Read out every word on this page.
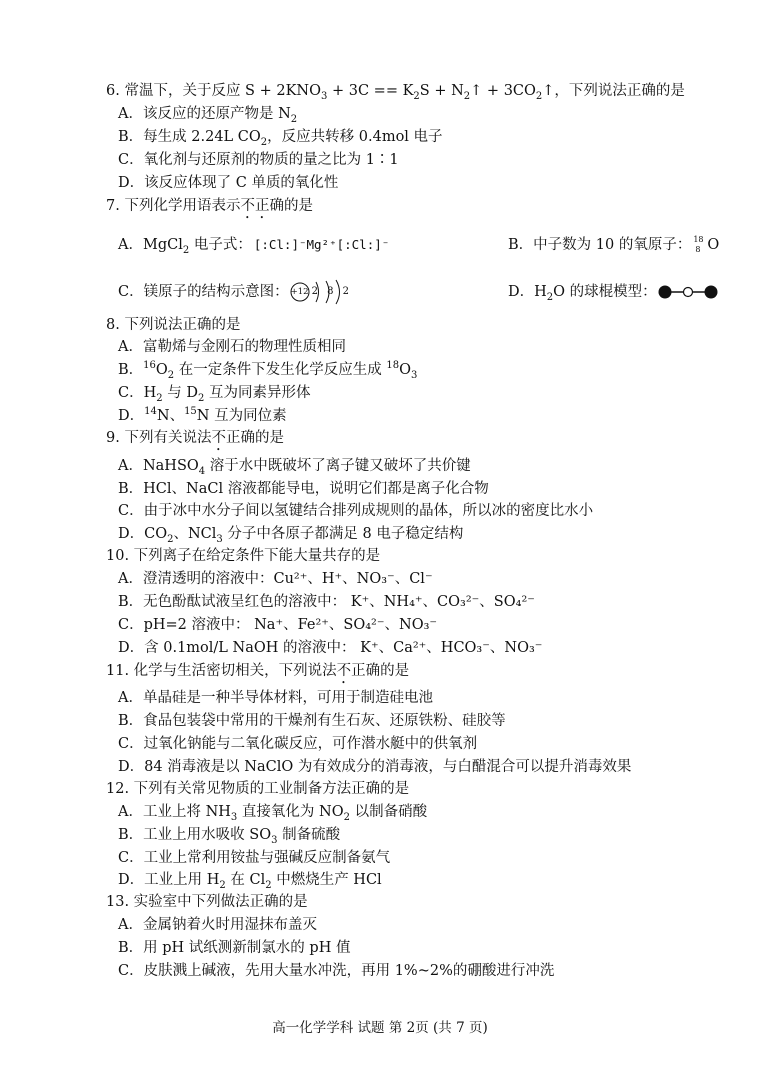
6. 常温下，关于反应 $S + 2KNO_3 + 3C == K_2S$ + $N_2↑$ + $3CO_2↑$，下列说法正确的是
A．该反应的还原产物是 $N_2$
B．每生成 2.24L $CO_2$，反应共转移 0.4mol 电子
C．氧化剂与还原剂的物质的量之比为 1∶1
D．该反应体现了 C 单质的氧化性
7. 下列化学用语表示不正确的是
A．MgCl$_2$ 电子式： [:Cl:]⁻Mg²⁺[:Cl:]⁻	B．中子数为 10 的氧原子： 18
8 O
C．镁原子的结构示意图： +12 2 8 2	D．$H_2O$ 的球棍模型：
8. 下列说法正确的是
A．富勒烯与金刚石的物理性质相同
B．$^{16}O_2$ 在一定条件下发生化学反应生成 $^{18}O_3$
C．$H_2$ 与 $D_2$ 互为同素异形体
D．$^{14}$N、$^{15}$N 互为同位素
9. 下列有关说法不正确的是
A．NaHSO$_4$ 溶于水中既破坏了离子键又破坏了共价键
B．HCl、NaCl 溶液都能导电，说明它们都是离子化合物
C．由于冰中水分子间以氢键结合排列成规则的晶体，所以冰的密度比水小
D．$CO_2$、NCl$_3$ 分子中各原子都满足 8 电子稳定结构
10. 下列离子在给定条件下能大量共存的是
A．澄清透明的溶液中：Cu²⁺、H⁺、NO₃⁻、Cl⁻
B．无色酚酞试液呈红色的溶液中： K⁺、NH₄⁺、CO₃²⁻、SO₄²⁻
C．pH=2 溶液中： Na⁺、Fe²⁺、SO₄²⁻、NO₃⁻
D．含 0.1mol/L NaOH 的溶液中： K⁺、Ca²⁺、HCO₃⁻、NO₃⁻
11. 化学与生活密切相关，下列说法不正确的是
A．单晶硅是一种半导体材料，可用于制造硅电池
B．食品包装袋中常用的干燥剂有生石灰、还原铁粉、硅胶等
C．过氧化钠能与二氧化碳反应，可作潜水艇中的供氧剂
D．84 消毒液是以 NaClO 为有效成分的消毒液，与白醋混合可以提升消毒效果
12. 下列有关常见物质的工业制备方法正确的是
A．工业上将 $NH_3$ 直接氧化为 $NO_2$ 以制备硝酸
B．工业上用水吸收 $SO_3$ 制备硫酸
C．工业上常利用铵盐与强碱反应制备氨气
D．工业上用 $H_2$ 在 $Cl_2$ 中燃烧生产 HCl
13. 实验室中下列做法正确的是
A．金属钠着火时用湿抹布盖灭
B．用 pH 试纸测新制氯水的 pH 值
C．皮肤溅上碱液，先用大量水冲洗，再用 1%~2%的硼酸进行冲洗
高一化学学科 试题 第 2页 (共 7 页)
